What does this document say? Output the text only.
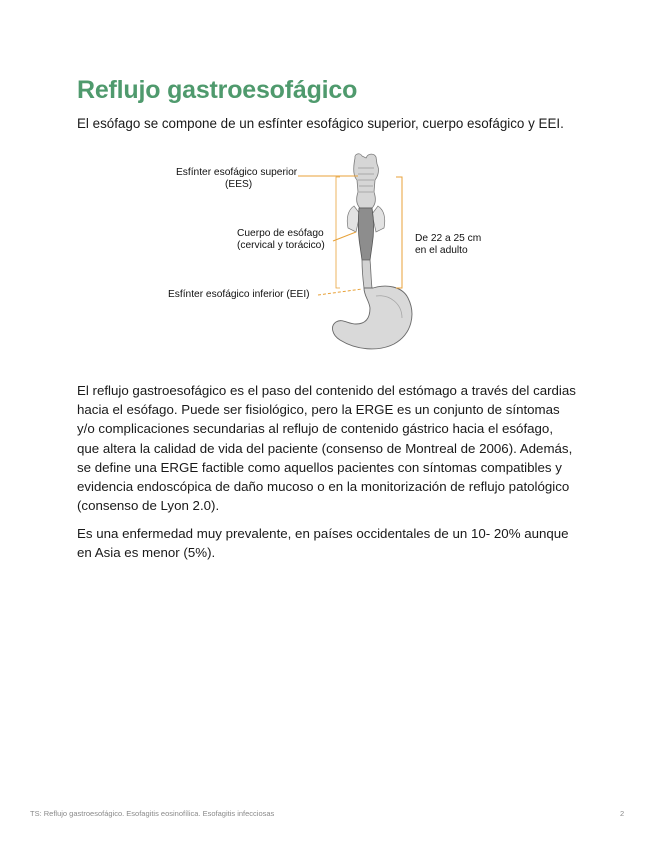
Reflujo gastroesofágico

El esófago se compone de un esfínter esofágico superior, cuerpo esofágico y EEI.

Esfínter esofágico superior
(EES)
Cuerpo de esófago
(cervical y torácico)
Esfínter esofágico inferior (EEI)
De 22 a 25 cm
en el adulto

El reflujo gastroesofágico es el paso del contenido del estómago a través del cardias hacia el esófago. Puede ser fisiológico, pero la ERGE es un conjunto de síntomas y/o complicaciones secundarias al reflujo de contenido gástrico hacia el esófago, que altera la calidad de vida del paciente (consenso de Montreal de 2006). Además, se define una ERGE factible como aquellos pacientes con síntomas compatibles y evidencia endoscópica de daño mucoso o en la monitorización de reflujo patológico (consenso de Lyon 2.0).

Es una enfermedad muy prevalente, en países occidentales de un 10- 20% aunque en Asia es menor (5%).

TS: Reflujo gastroesofágico. Esofagitis eosinofílica. Esofagitis infecciosas	2
